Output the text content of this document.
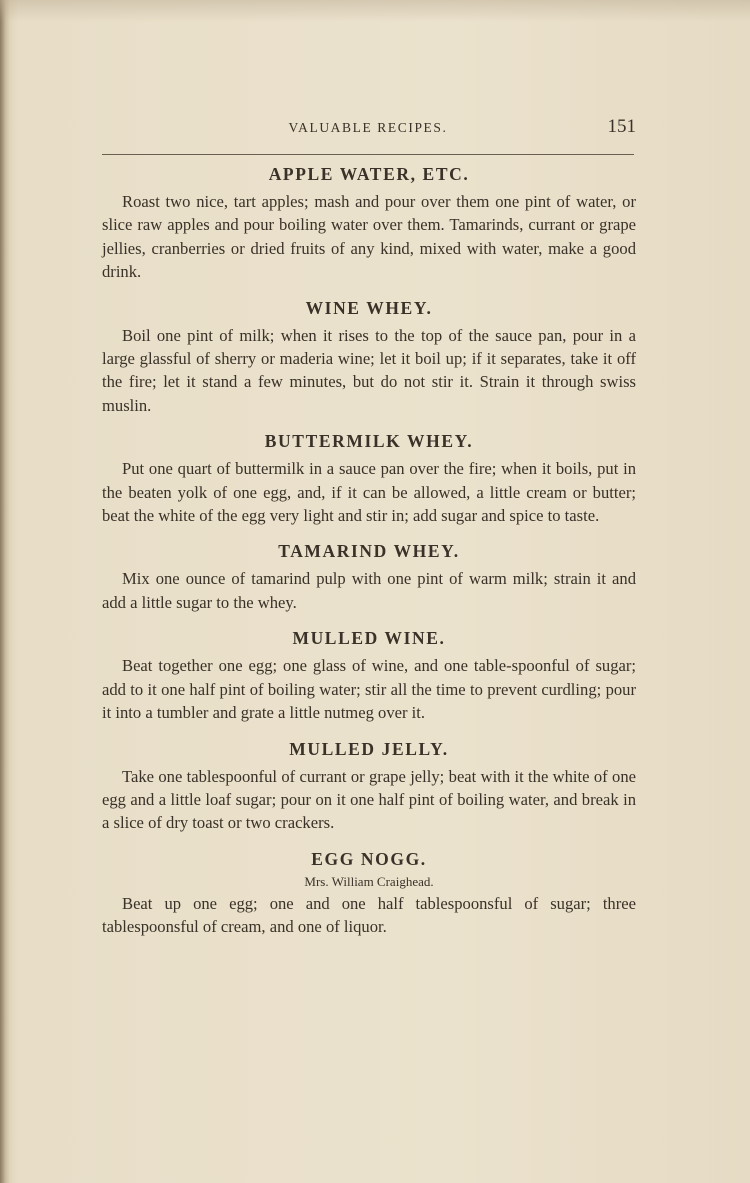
VALUABLE RECIPES.	151
APPLE WATER, ETC.

Roast two nice, tart apples; mash and pour over them one pint of water, or slice raw apples and pour boiling water over them. Tamarinds, currant or grape jellies, cranberries or dried fruits of any kind, mixed with water, make a good drink.

WINE WHEY.

Boil one pint of milk; when it rises to the top of the sauce pan, pour in a large glassful of sherry or maderia wine; let it boil up; if it separates, take it off the fire; let it stand a few minutes, but do not stir it. Strain it through swiss muslin.

BUTTERMILK WHEY.

Put one quart of buttermilk in a sauce pan over the fire; when it boils, put in the beaten yolk of one egg, and, if it can be allowed, a little cream or butter; beat the white of the egg very light and stir in; add sugar and spice to taste.

TAMARIND WHEY.

Mix one ounce of tamarind pulp with one pint of warm milk; strain it and add a little sugar to the whey.

MULLED WINE.

Beat together one egg; one glass of wine, and one table-spoonful of sugar; add to it one half pint of boiling water; stir all the time to prevent curdling; pour it into a tumbler and grate a little nutmeg over it.

MULLED JELLY.

Take one tablespoonful of currant or grape jelly; beat with it the white of one egg and a little loaf sugar; pour on it one half pint of boiling water, and break in a slice of dry toast or two crackers.

EGG NOGG.
Mrs. William Craighead.

Beat up one egg; one and one half tablespoonsful of sugar; three tablespoonsful of cream, and one of liquor.
